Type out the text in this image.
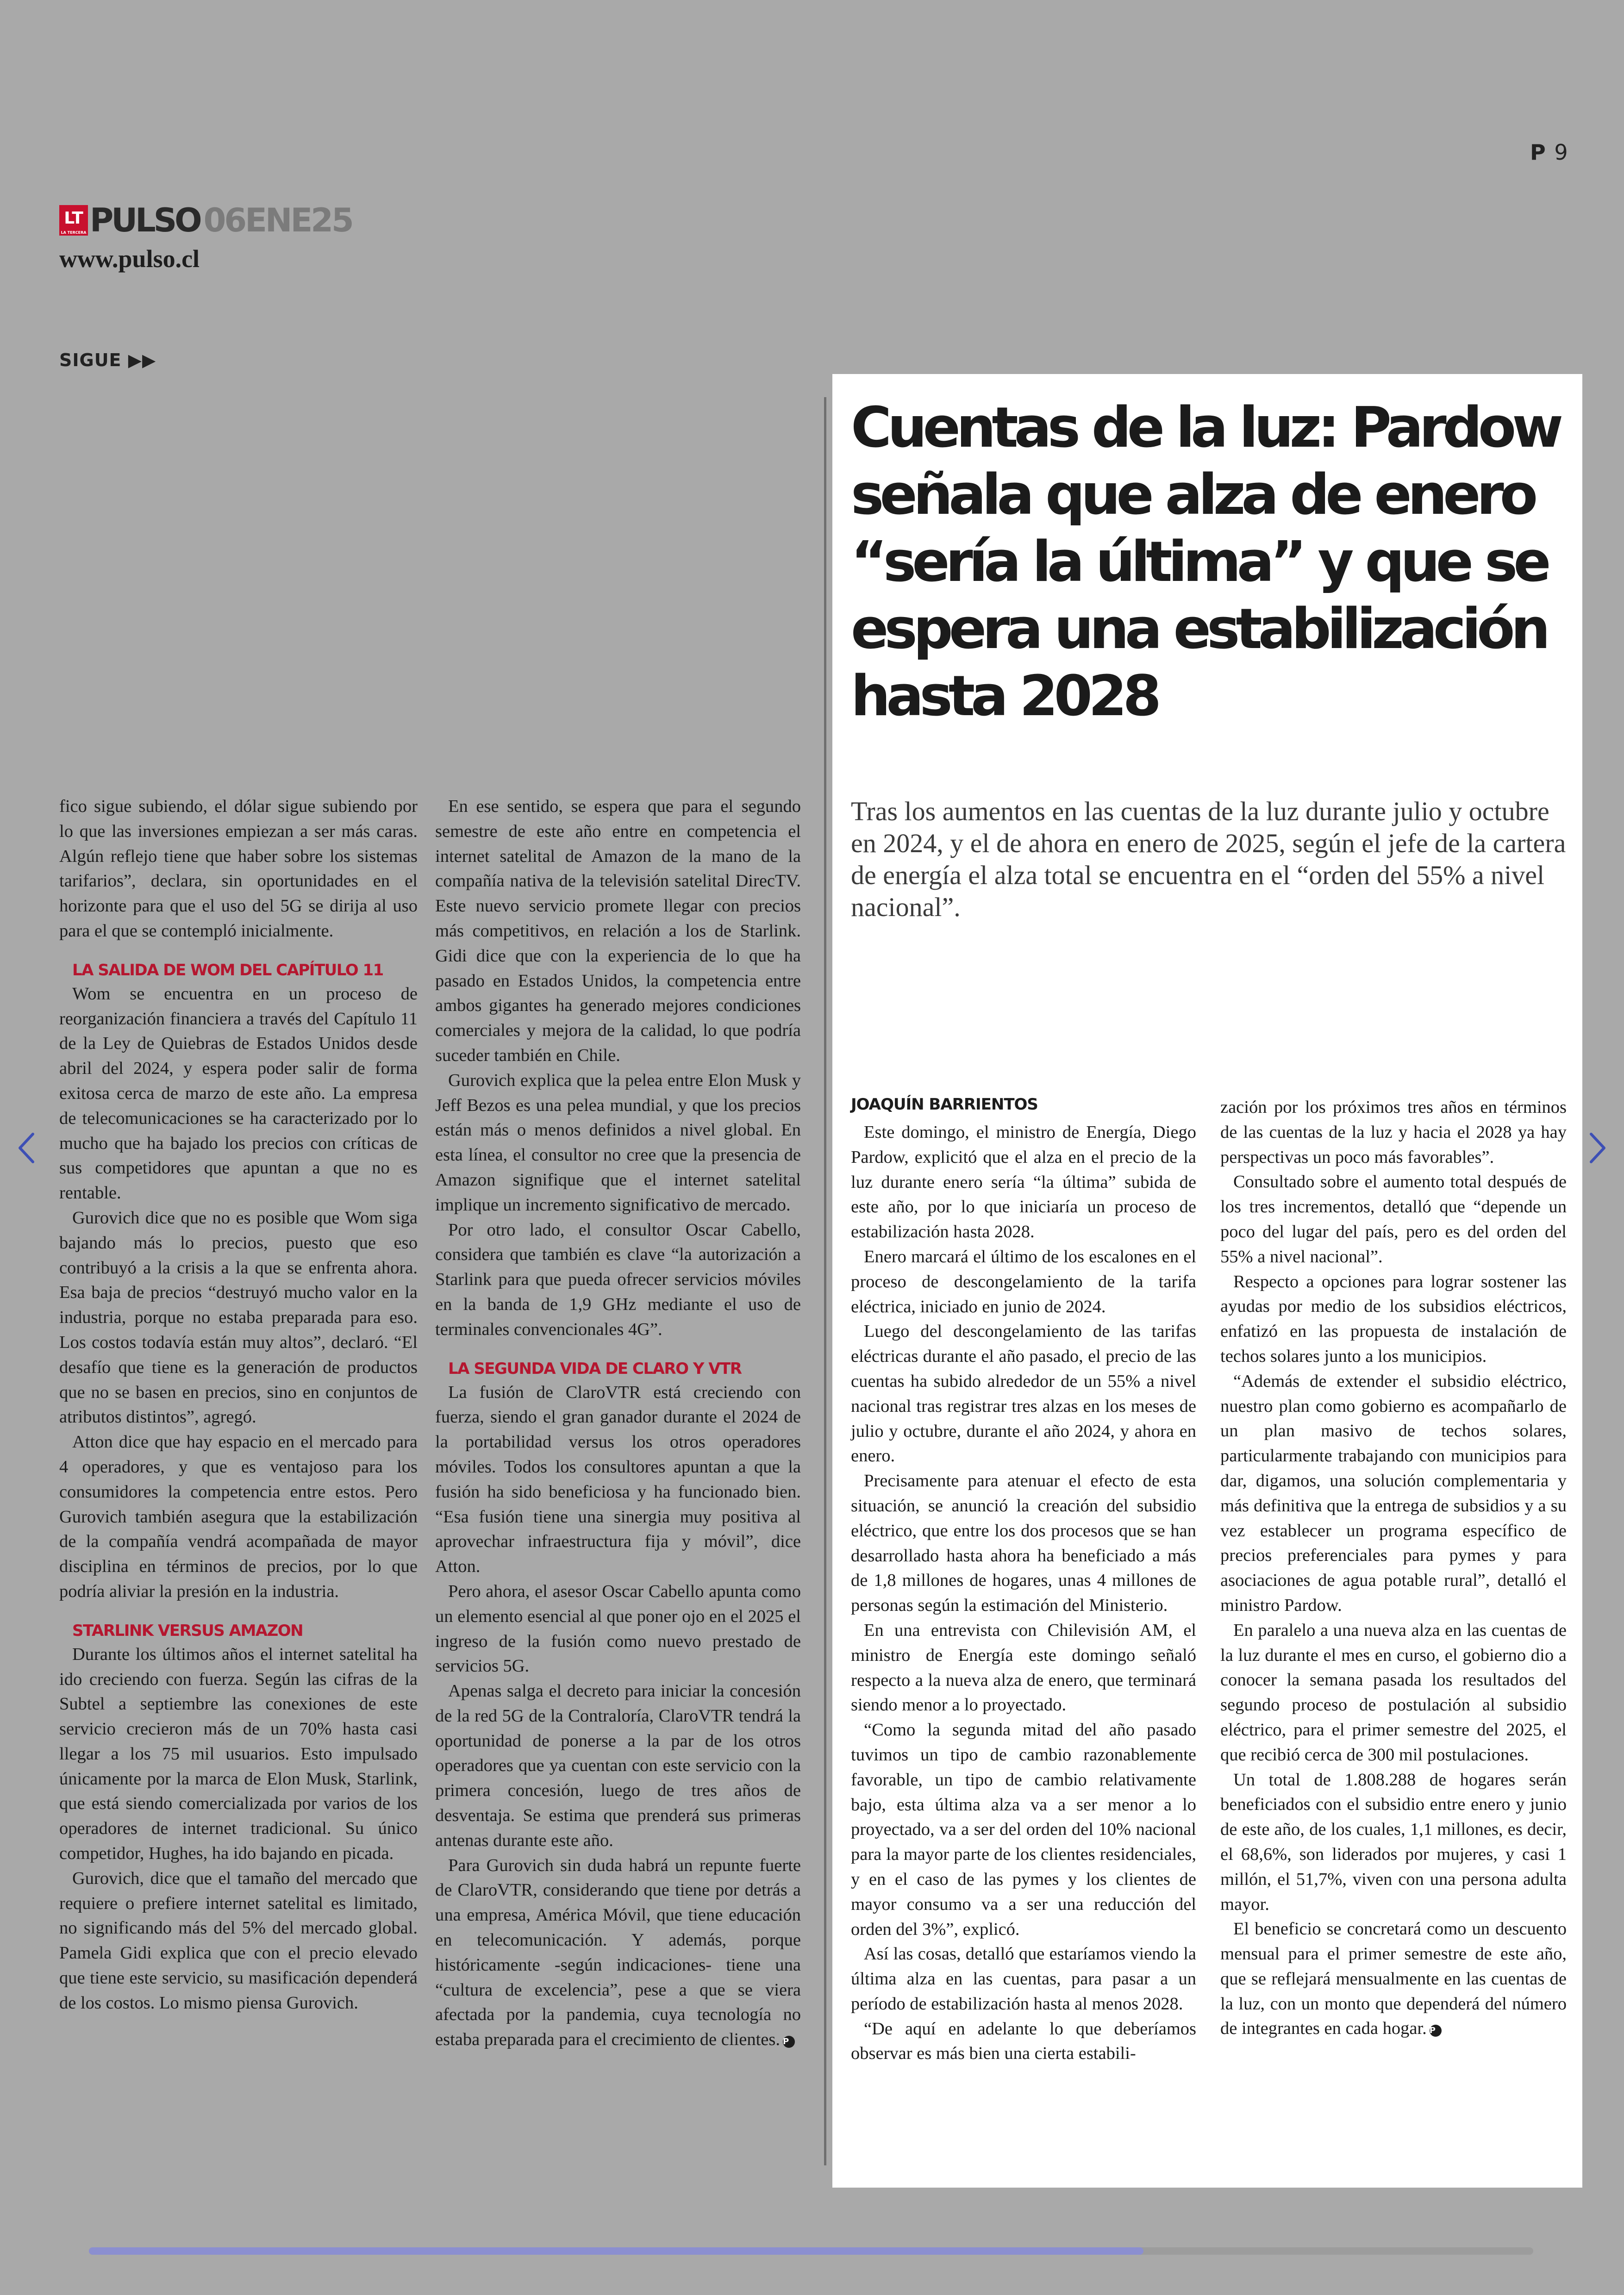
P 9
LT
LA TERCERA PULSO 06ENE25
www.pulso.cl
SIGUE ▶▶

fico sigue subiendo, el dólar sigue subiendo por lo que las inversiones empiezan a ser más caras. Algún reflejo tiene que haber sobre los sistemas tarifarios”, declara, sin oportunidades en el horizonte para que el uso del 5G se dirija al uso para el que se contempló inicialmente.

LA SALIDA DE WOM DEL CAPÍTULO 11

Wom se encuentra en un proceso de reorganización financiera a través del Capítulo 11 de la Ley de Quiebras de Estados Unidos desde abril del 2024, y espera poder salir de forma exitosa cerca de marzo de este año. La empresa de telecomunicaciones se ha caracterizado por lo mucho que ha bajado los precios con críticas de sus competidores que apuntan a que no es rentable.

Gurovich dice que no es posible que Wom siga bajando más lo precios, puesto que eso contribuyó a la crisis a la que se enfrenta ahora. Esa baja de precios “destruyó mucho valor en la industria, porque no estaba preparada para eso. Los costos todavía están muy altos”, declaró. “El desafío que tiene es la generación de productos que no se basen en precios, sino en conjuntos de atributos distintos”, agregó.

Atton dice que hay espacio en el mercado para 4 operadores, y que es ventajoso para los consumidores la competencia entre estos. Pero Gurovich también asegura que la estabilización de la compañía vendrá acompañada de mayor disciplina en términos de precios, por lo que podría aliviar la presión en la industria.

STARLINK VERSUS AMAZON

Durante los últimos años el internet satelital ha ido creciendo con fuerza. Según las cifras de la Subtel a septiembre las conexiones de este servicio crecieron más de un 70% hasta casi llegar a los 75 mil usuarios. Esto impulsado únicamente por la marca de Elon Musk, Starlink, que está siendo comercializada por varios de los operadores de internet tradicional. Su único competidor, Hughes, ha ido bajando en picada.

Gurovich, dice que el tamaño del mercado que requiere o prefiere internet satelital es limitado, no significando más del 5% del mercado global. Pamela Gidi explica que con el precio elevado que tiene este servicio, su masificación dependerá de los costos. Lo mismo piensa Gurovich.

En ese sentido, se espera que para el segundo semestre de este año entre en competencia el internet satelital de Amazon de la mano de la compañía nativa de la televisión satelital DirecTV. Este nuevo servicio promete llegar con precios más competitivos, en relación a los de Starlink. Gidi dice que con la experiencia de lo que ha pasado en Estados Unidos, la competencia entre ambos gigantes ha generado mejores condiciones comerciales y mejora de la calidad, lo que podría suceder también en Chile.

Gurovich explica que la pelea entre Elon Musk y Jeff Bezos es una pelea mundial, y que los precios están más o menos definidos a nivel global. En esta línea, el consultor no cree que la presencia de Amazon signifique que el internet satelital implique un incremento significativo de mercado.

Por otro lado, el consultor Oscar Cabello, considera que también es clave “la autorización a Starlink para que pueda ofrecer servicios móviles en la banda de 1,9 GHz mediante el uso de terminales convencionales 4G”.

LA SEGUNDA VIDA DE CLARO Y VTR

La fusión de ClaroVTR está creciendo con fuerza, siendo el gran ganador durante el 2024 de la portabilidad versus los otros operadores móviles. Todos los consultores apuntan a que la fusión ha sido beneficiosa y ha funcionado bien. “Esa fusión tiene una sinergia muy positiva al aprovechar infraestructura fija y móvil”, dice Atton.

Pero ahora, el asesor Oscar Cabello apunta como un elemento esencial al que poner ojo en el 2025 el ingreso de la fusión como nuevo prestado de servicios 5G.

Apenas salga el decreto para iniciar la concesión de la red 5G de la Contraloría, ClaroVTR tendrá la oportunidad de ponerse a la par de los otros operadores que ya cuentan con este servicio con la primera concesión, luego de tres años de desventaja. Se estima que prenderá sus primeras antenas durante este año.

Para Gurovich sin duda habrá un repunte fuerte de ClaroVTR, considerando que tiene por detrás a una empresa, América Móvil, que tiene educación en telecomunicación. Y además, porque históricamente -según indicaciones- tiene una “cultura de excelencia”, pese a que se viera afectada por la pandemia, cuya tecnología no estaba preparada para el crecimiento de clientes. P

Cuentas de la luz: Pardow señala que alza de enero “sería la última” y que se espera una estabilización hasta 2028

Tras los aumentos en las cuentas de la luz durante julio y octubre en 2024, y el de ahora en enero de 2025, según el jefe de la cartera de energía el alza total se encuentra en el “orden del 55% a nivel nacional”.

JOAQUÍN BARRIENTOS

Este domingo, el ministro de Energía, Diego Pardow, explicitó que el alza en el precio de la luz durante enero sería “la última” subida de este año, por lo que iniciaría un proceso de estabilización hasta 2028.

Enero marcará el último de los escalones en el proceso de descongelamiento de la tarifa eléctrica, iniciado en junio de 2024.

Luego del descongelamiento de las tarifas eléctricas durante el año pasado, el precio de las cuentas ha subido alrededor de un 55% a nivel nacional tras registrar tres alzas en los meses de julio y octubre, durante el año 2024, y ahora en enero.

Precisamente para atenuar el efecto de esta situación, se anunció la creación del subsidio eléctrico, que entre los dos procesos que se han desarrollado hasta ahora ha beneficiado a más de 1,8 millones de hogares, unas 4 millones de personas según la estimación del Ministerio.

En una entrevista con Chilevisión AM, el ministro de Energía este domingo señaló respecto a la nueva alza de enero, que terminará siendo menor a lo proyectado.

“Como la segunda mitad del año pasado tuvimos un tipo de cambio razonablemente favorable, un tipo de cambio relativamente bajo, esta última alza va a ser menor a lo proyectado, va a ser del orden del 10% nacional para la mayor parte de los clientes residenciales, y en el caso de las pymes y los clientes de mayor consumo va a ser una reducción del orden del 3%”, explicó.

Así las cosas, detalló que estaríamos viendo la última alza en las cuentas, para pasar a un período de estabilización hasta al menos 2028.

“De aquí en adelante lo que deberíamos observar es más bien una cierta estabili-

zación por los próximos tres años en términos de las cuentas de la luz y hacia el 2028 ya hay perspectivas un poco más favorables”.

Consultado sobre el aumento total después de los tres incrementos, detalló que “depende un poco del lugar del país, pero es del orden del 55% a nivel nacional”.

Respecto a opciones para lograr sostener las ayudas por medio de los subsidios eléctricos, enfatizó en las propuesta de instalación de techos solares junto a los municipios.

“Además de extender el subsidio eléctrico, nuestro plan como gobierno es acompañarlo de un plan masivo de techos solares, particularmente trabajando con municipios para dar, digamos, una solución complementaria y más definitiva que la entrega de subsidios y a su vez establecer un programa específico de precios preferenciales para pymes y para asociaciones de agua potable rural”, detalló el ministro Pardow.

En paralelo a una nueva alza en las cuentas de la luz durante el mes en curso, el gobierno dio a conocer la semana pasada los resultados del segundo proceso de postulación al subsidio eléctrico, para el primer semestre del 2025, el que recibió cerca de 300 mil postulaciones.

Un total de 1.808.288 de hogares serán beneficiados con el subsidio entre enero y junio de este año, de los cuales, 1,1 millones, es decir, el 68,6%, son liderados por mujeres, y casi 1 millón, el 51,7%, viven con una persona adulta mayor.

El beneficio se concretará como un descuento mensual para el primer semestre de este año, que se reflejará mensualmente en las cuentas de la luz, con un monto que dependerá del número de integrantes en cada hogar. P
